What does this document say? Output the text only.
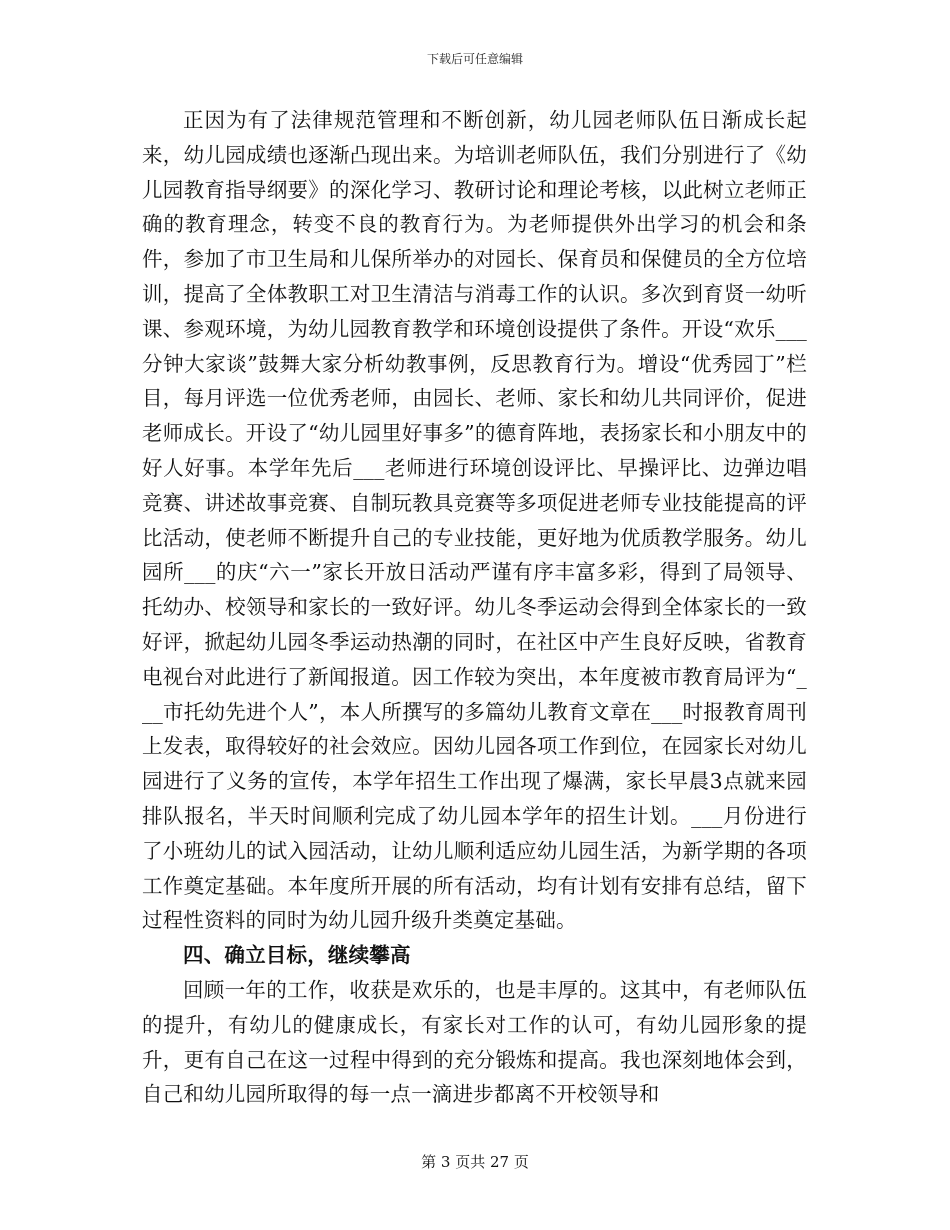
下载后可任意编辑

正因为有了法律规范管理和不断创新，幼儿园老师队伍日渐成长起来，幼儿园成绩也逐渐凸现出来。为培训老师队伍，我们分别进行了《幼儿园教育指导纲要》的深化学习、教研讨论和理论考核，以此树立老师正确的教育理念，转变不良的教育行为。为老师提供外出学习的机会和条件，参加了市卫生局和儿保所举办的对园长、保育员和保健员的全方位培训，提高了全体教职工对卫生清洁与消毒工作的认识。多次到育贤一幼听课、参观环境，为幼儿园教育教学和环境创设提供了条件。开设“欢乐___分钟大家谈”鼓舞大家分析幼教事例，反思教育行为。增设“优秀园丁”栏目，每月评选一位优秀老师，由园长、老师、家长和幼儿共同评价，促进老师成长。开设了“幼儿园里好事多”的德育阵地，表扬家长和小朋友中的好人好事。本学年先后___老师进行环境创设评比、早操评比、边弹边唱竞赛、讲述故事竞赛、自制玩教具竞赛等多项促进老师专业技能提高的评比活动，使老师不断提升自己的专业技能，更好地为优质教学服务。幼儿园所___的庆“六一”家长开放日活动严谨有序丰富多彩，得到了局领导、托幼办、校领导和家长的一致好评。幼儿冬季运动会得到全体家长的一致好评，掀起幼儿园冬季运动热潮的同时，在社区中产生良好反映，省教育电视台对此进行了新闻报道。因工作较为突出，本年度被市教育局评为“___市托幼先进个人”，本人所撰写的多篇幼儿教育文章在___时报教育周刊上发表，取得较好的社会效应。因幼儿园各项工作到位，在园家长对幼儿园进行了义务的宣传，本学年招生工作出现了爆满，家长早晨3点就来园排队报名，半天时间顺利完成了幼儿园本学年的招生计划。___月份进行了小班幼儿的试入园活动，让幼儿顺利适应幼儿园生活，为新学期的各项工作奠定基础。本年度所开展的所有活动，均有计划有安排有总结，留下过程性资料的同时为幼儿园升级升类奠定基础。

四、确立目标，继续攀高

回顾一年的工作，收获是欢乐的，也是丰厚的。这其中，有老师队伍的提升，有幼儿的健康成长，有家长对工作的认可，有幼儿园形象的提升，更有自己在这一过程中得到的充分锻炼和提高。我也深刻地体会到，自己和幼儿园所取得的每一点一滴进步都离不开校领导和

第 3 页共 27 页
